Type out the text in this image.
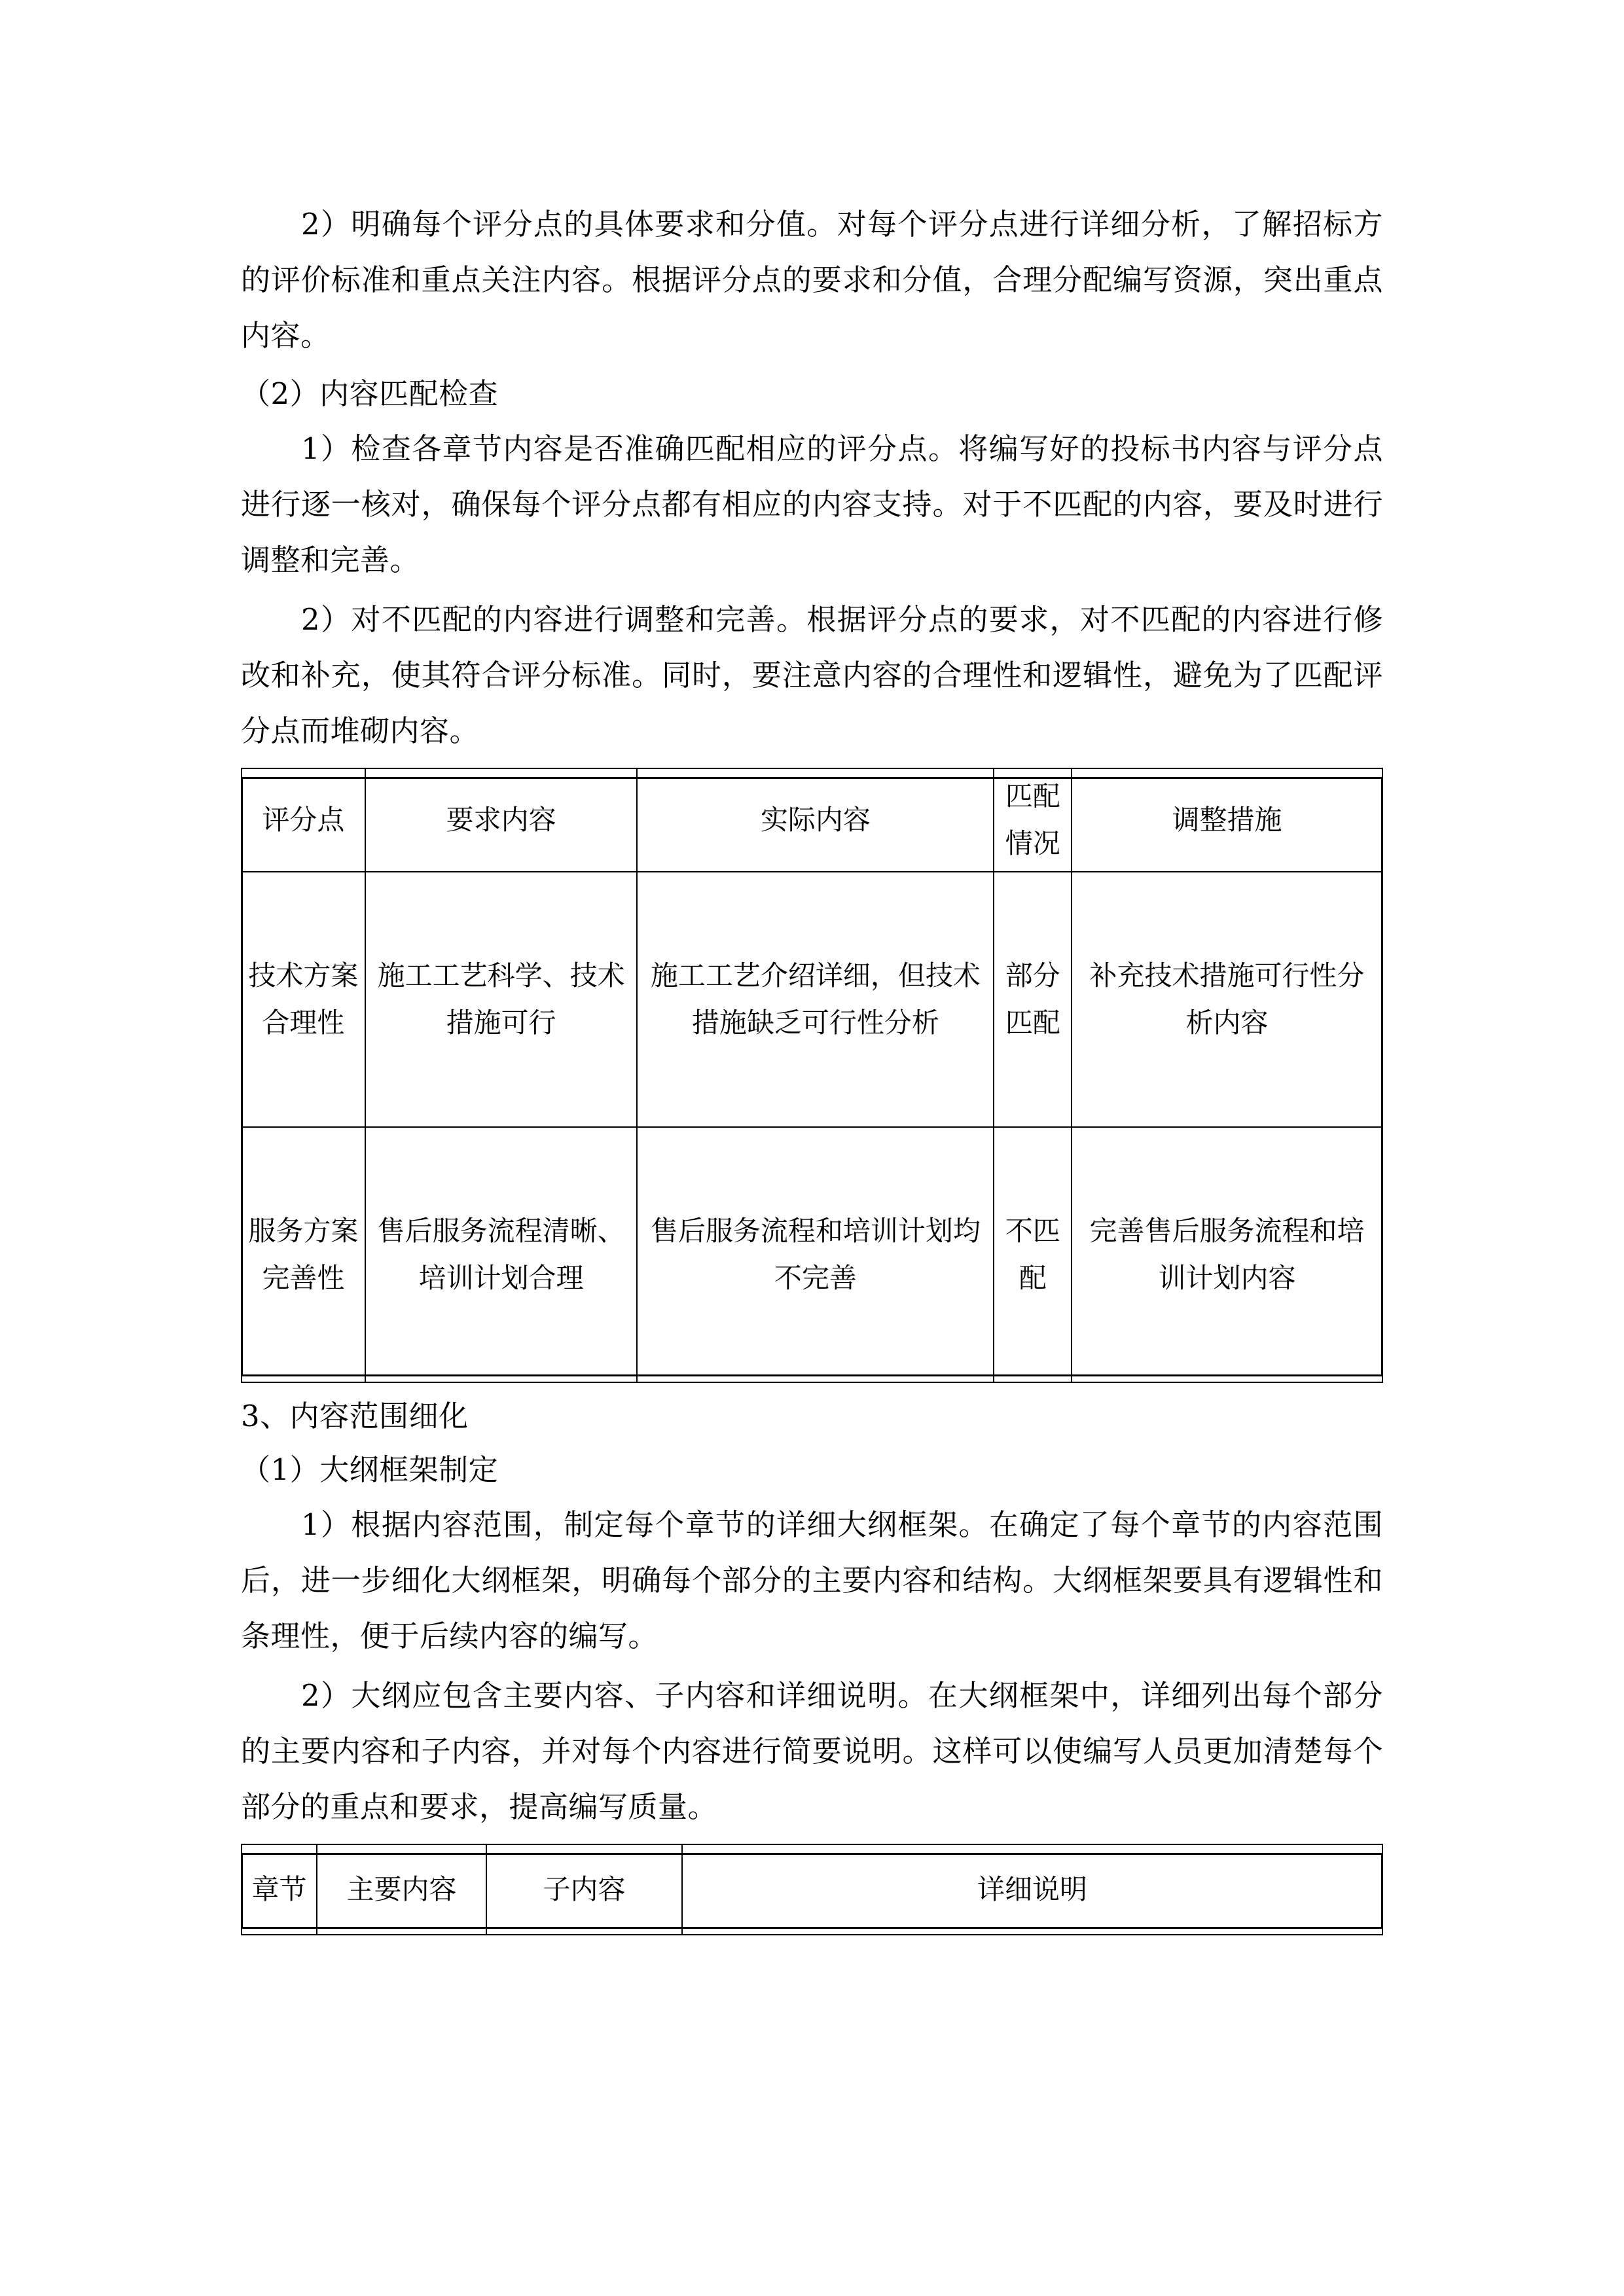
2）明确每个评分点的具体要求和分值。对每个评分点进行详细分析，了解招标方的评价标准和重点关注内容。根据评分点的要求和分值，合理分配编写资源，突出重点内容。

（2）内容匹配检查

1）检查各章节内容是否准确匹配相应的评分点。将编写好的投标书内容与评分点进行逐一核对，确保每个评分点都有相应的内容支持。对于不匹配的内容，要及时进行调整和完善。

2）对不匹配的内容进行调整和完善。根据评分点的要求，对不匹配的内容进行修改和补充，使其符合评分标准。同时，要注意内容的合理性和逻辑性，避免为了匹配评分点而堆砌内容。

评分点	要求内容	实际内容	匹配情况	调整措施
技术方案合理性	施工工艺科学、技术措施可行	施工工艺介绍详细，但技术措施缺乏可行性分析	部分匹配	补充技术措施可行性分析内容
服务方案完善性	售后服务流程清晰、培训计划合理	售后服务流程和培训计划均不完善	不匹配	完善售后服务流程和培训计划内容

3、内容范围细化

（1）大纲框架制定

1）根据内容范围，制定每个章节的详细大纲框架。在确定了每个章节的内容范围后，进一步细化大纲框架，明确每个部分的主要内容和结构。大纲框架要具有逻辑性和条理性，便于后续内容的编写。

2）大纲应包含主要内容、子内容和详细说明。在大纲框架中，详细列出每个部分的主要内容和子内容，并对每个内容进行简要说明。这样可以使编写人员更加清楚每个部分的重点和要求，提高编写质量。

章节	主要内容	子内容	详细说明
